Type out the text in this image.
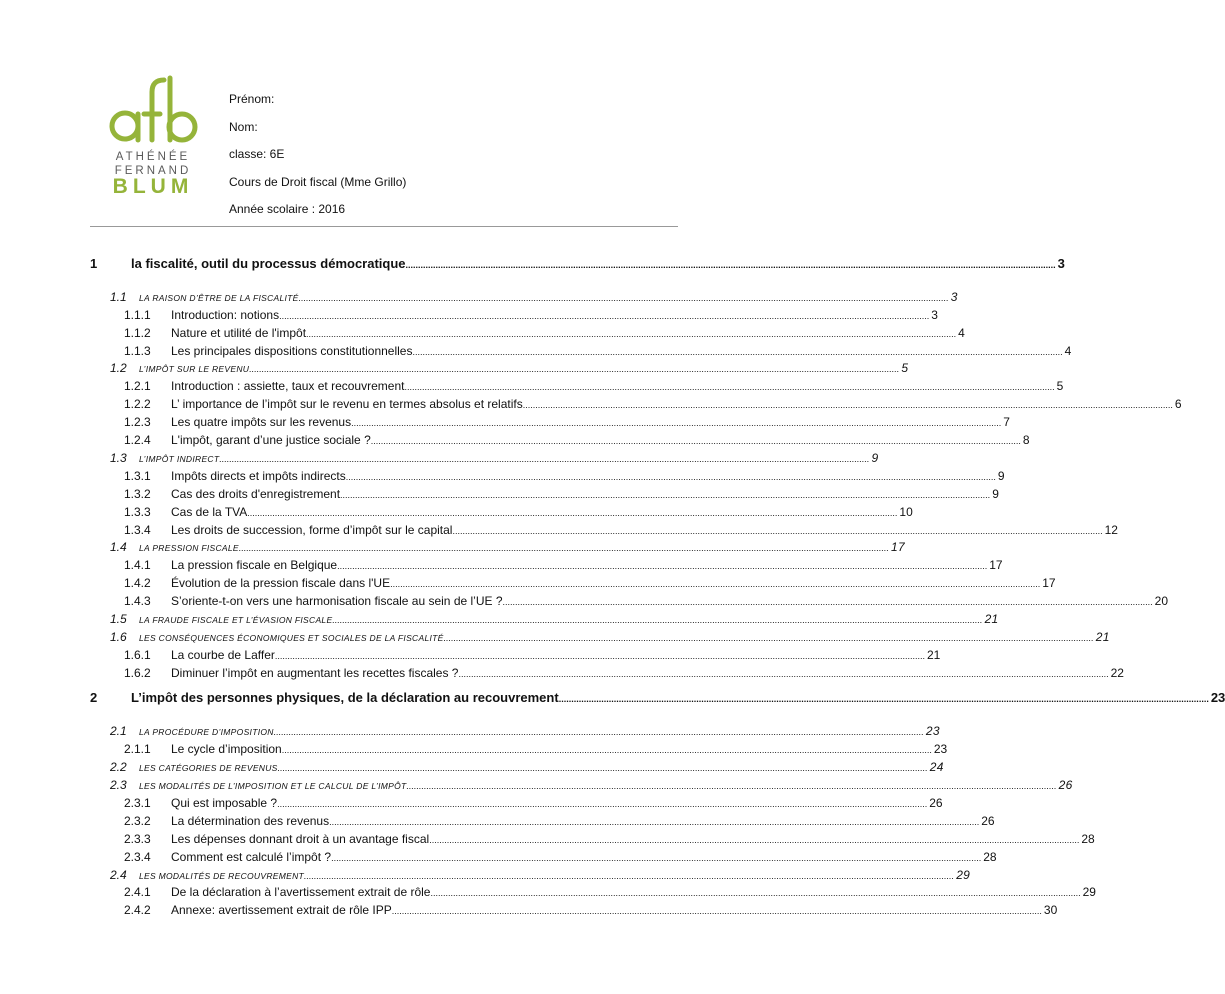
ATHÉNÉE
FERNAND
BLUM
Prénom:
Nom:
classe: 6E
Cours de Droit fiscal (Mme Grillo)
Année scolaire : 2016
1	la fiscalité, outil du processus démocratique .................................................................................................................................................................................................................................................................... 3
1.1 LA RAISON D’ÊTRE DE LA FISCALITÉ .................................................................................................................................................................................................................................................................... 3
1.1.1 Introduction: notions .................................................................................................................................................................................................................................................................... 3
1.1.2 Nature et utilité de l'impôt .................................................................................................................................................................................................................................................................... 4
1.1.3 Les principales dispositions constitutionnelles .................................................................................................................................................................................................................................................................... 4
1.2 L’IMPÔT SUR LE REVENU .................................................................................................................................................................................................................................................................... 5
1.2.1 Introduction : assiette, taux et recouvrement .................................................................................................................................................................................................................................................................... 5
1.2.2 L’ importance de l’impôt sur le revenu en termes absolus et relatifs .................................................................................................................................................................................................................................................................... 6
1.2.3 Les quatre impôts sur les revenus .................................................................................................................................................................................................................................................................... 7
1.2.4 L'impôt, garant d’une justice sociale ? .................................................................................................................................................................................................................................................................... 8
1.3 L’IMPÔT INDIRECT .................................................................................................................................................................................................................................................................... 9
1.3.1 Impôts directs et impôts indirects .................................................................................................................................................................................................................................................................... 9
1.3.2 Cas des droits d'enregistrement .................................................................................................................................................................................................................................................................... 9
1.3.3 Cas de la TVA .................................................................................................................................................................................................................................................................... 10
1.3.4 Les droits de succession, forme d’impôt sur le capital .................................................................................................................................................................................................................................................................... 12
1.4 LA PRESSION FISCALE .................................................................................................................................................................................................................................................................... 17
1.4.1 La pression fiscale en Belgique .................................................................................................................................................................................................................................................................... 17
1.4.2 Évolution de la pression fiscale dans l'UE .................................................................................................................................................................................................................................................................... 17
1.4.3 S’oriente-t-on vers une harmonisation fiscale au sein de l’UE ? .................................................................................................................................................................................................................................................................... 20
1.5 LA FRAUDE FISCALE ET L’ÉVASION FISCALE .................................................................................................................................................................................................................................................................... 21
1.6 LES CONSÉQUENCES ÉCONOMIQUES ET SOCIALES DE LA FISCALITÉ .................................................................................................................................................................................................................................................................... 21
1.6.1 La courbe de Laffer .................................................................................................................................................................................................................................................................... 21
1.6.2 Diminuer l’impôt en augmentant les recettes fiscales ? .................................................................................................................................................................................................................................................................... 22
2	L’impôt des personnes physiques, de la déclaration au recouvrement .................................................................................................................................................................................................................................................................... 23
2.1 LA PROCÉDURE D’IMPOSITION .................................................................................................................................................................................................................................................................... 23
2.1.1 Le cycle d’imposition .................................................................................................................................................................................................................................................................... 23
2.2 LES CATÉGORIES DE REVENUS .................................................................................................................................................................................................................................................................... 24
2.3 LES MODALITÉS DE L’IMPOSITION ET LE CALCUL DE L’IMPÔT .................................................................................................................................................................................................................................................................... 26
2.3.1 Qui est imposable ? .................................................................................................................................................................................................................................................................... 26
2.3.2 La détermination des revenus .................................................................................................................................................................................................................................................................... 26
2.3.3 Les dépenses donnant droit à un avantage fiscal .................................................................................................................................................................................................................................................................... 28
2.3.4 Comment est calculé l’impôt ? .................................................................................................................................................................................................................................................................... 28
2.4 LES MODALITÉS DE RECOUVREMENT .................................................................................................................................................................................................................................................................... 29
2.4.1 De la déclaration à l’avertissement extrait de rôle .................................................................................................................................................................................................................................................................... 29
2.4.2 Annexe: avertissement extrait de rôle IPP .................................................................................................................................................................................................................................................................... 30
